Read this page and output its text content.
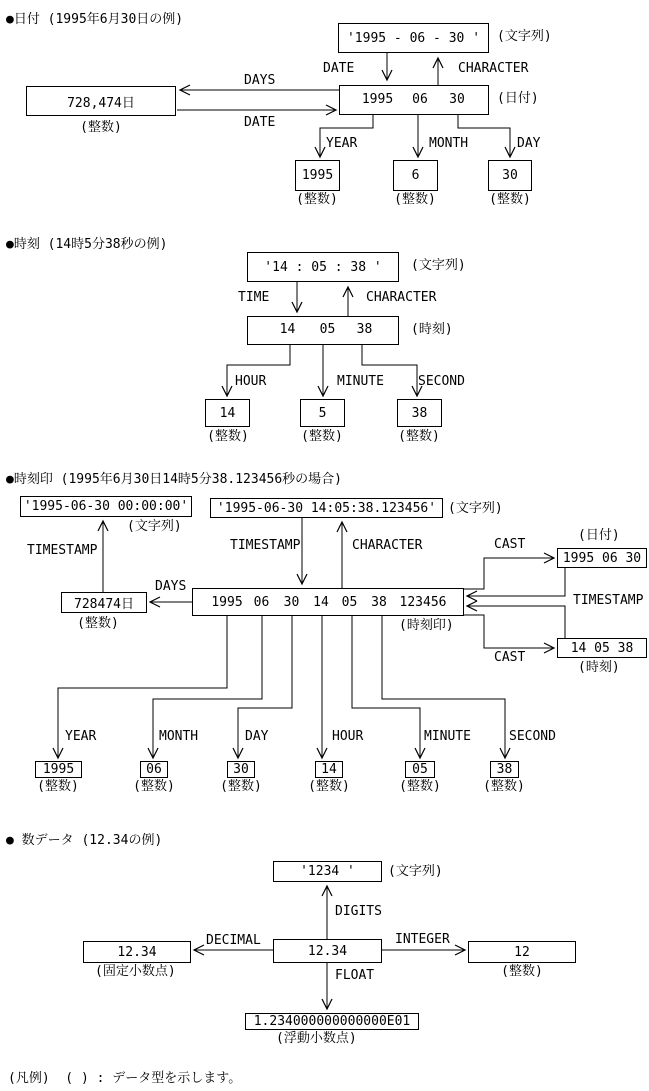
●日付 (1995年6月30日の例)
'1995 - 06 - 30 '	(文字列)
DATE	CHARACTER
1995	06	30	(日付)
728,474日
(整数)
DAYS
DATE
YEAR	MONTH	DAY
1995	6	30
(整数)	(整数)	(整数)
●時刻 (14時5分38秒の例)
'14 : 05 : 38 '	(文字列)
TIME	CHARACTER
14	05	38	(時刻)
HOUR	MINUTE	SECOND
14	5	38
(整数)	(整数)	(整数)
●時刻印 (1995年6月30日14時5分38.123456秒の場合)
'1995-06-30 00:00:00'
(文字列)
TIMESTAMP
'1995-06-30 14:05:38.123456' (文字列)
TIMESTAMP	CHARACTER
728474日
(整数)
DAYS
1995 06 30 14 05 38 123456
(時刻印)
(日付)
1995 06 30
CAST
TIMESTAMP
14 05 38
(時刻)
CAST
YEAR	MONTH	DAY	HOUR	MINUTE	SECOND
1995	06	30	14	05	38
(整数)	(整数)	(整数)	(整数)	(整数)	(整数)
● 数データ (12.34の例)
'1234 '	(文字列)
DIGITS
12.34
DECIMAL
12.34
(固定小数点)
INTEGER
12
(整数)
FLOAT
1.234000000000000E01
(浮動小数点)
(凡例)  ( ) : データ型を示します。
